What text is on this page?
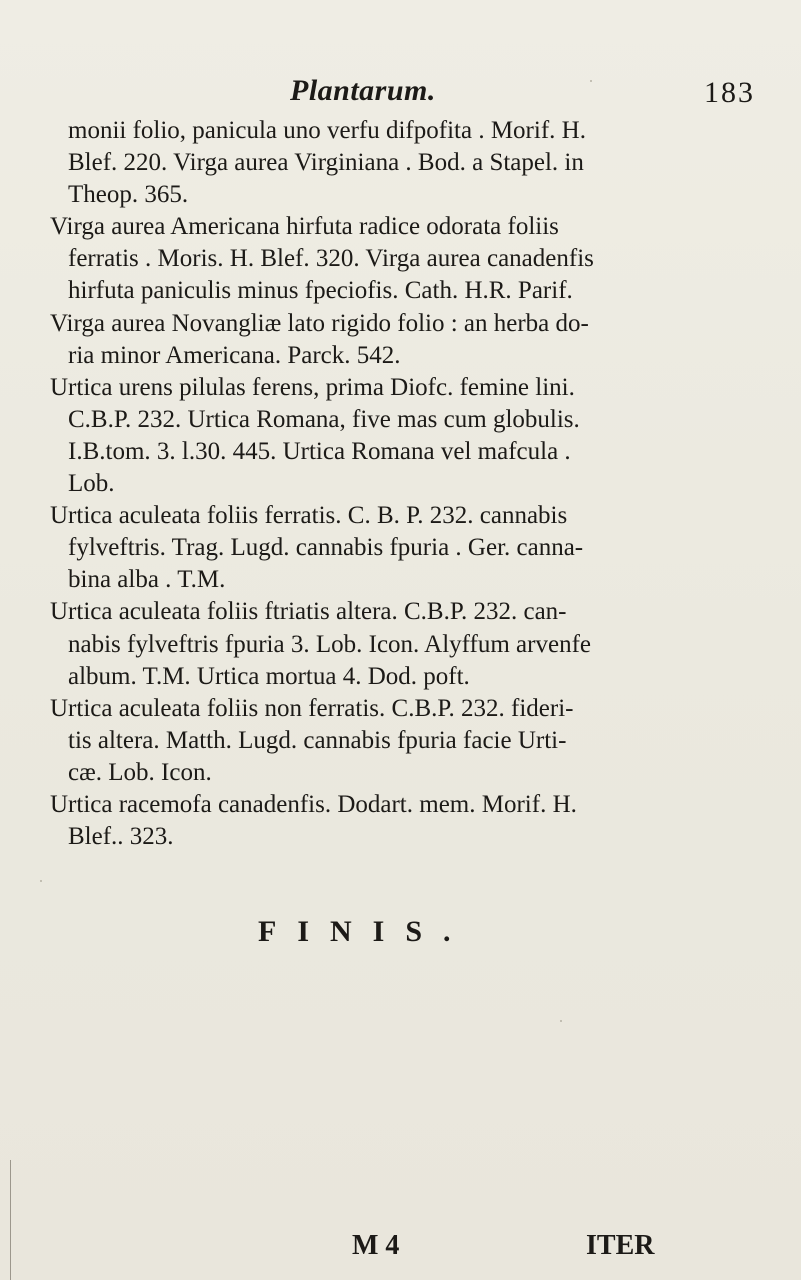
Plantarum.	183
monii folio, panicula uno verfu difpofita . Morif. H.
Blef. 220. Virga aurea Virginiana . Bod. a Stapel. in
Theop. 365.
Virga aurea Americana hirfuta radice odorata foliis
ferratis . Moris. H. Blef. 320. Virga aurea canadenfis
hirfuta paniculis minus fpeciofis. Cath. H.R. Parif.
Virga aurea Novangliæ lato rigido folio : an herba do-
ria minor Americana. Parck. 542.
Urtica urens pilulas ferens, prima Diofc. femine lini.
C.B.P. 232. Urtica Romana, five mas cum globulis.
I.B.tom. 3. l.30. 445. Urtica Romana vel mafcula .
Lob.
Urtica aculeata foliis ferratis. C. B. P. 232. cannabis
fylveftris. Trag. Lugd. cannabis fpuria . Ger. canna-
bina alba . T.M.
Urtica aculeata foliis ftriatis altera. C.B.P. 232. can-
nabis fylveftris fpuria 3. Lob. Icon. Alyffum arvenfe
album. T.M. Urtica mortua 4. Dod. poft.
Urtica aculeata foliis non ferratis. C.B.P. 232. fideri-
tis altera. Matth. Lugd. cannabis fpuria facie Urti-
cæ. Lob. Icon.
Urtica racemofa canadenfis. Dodart. mem. Morif. H.
Blef.. 323.
FINIS.
M 4	ITER
